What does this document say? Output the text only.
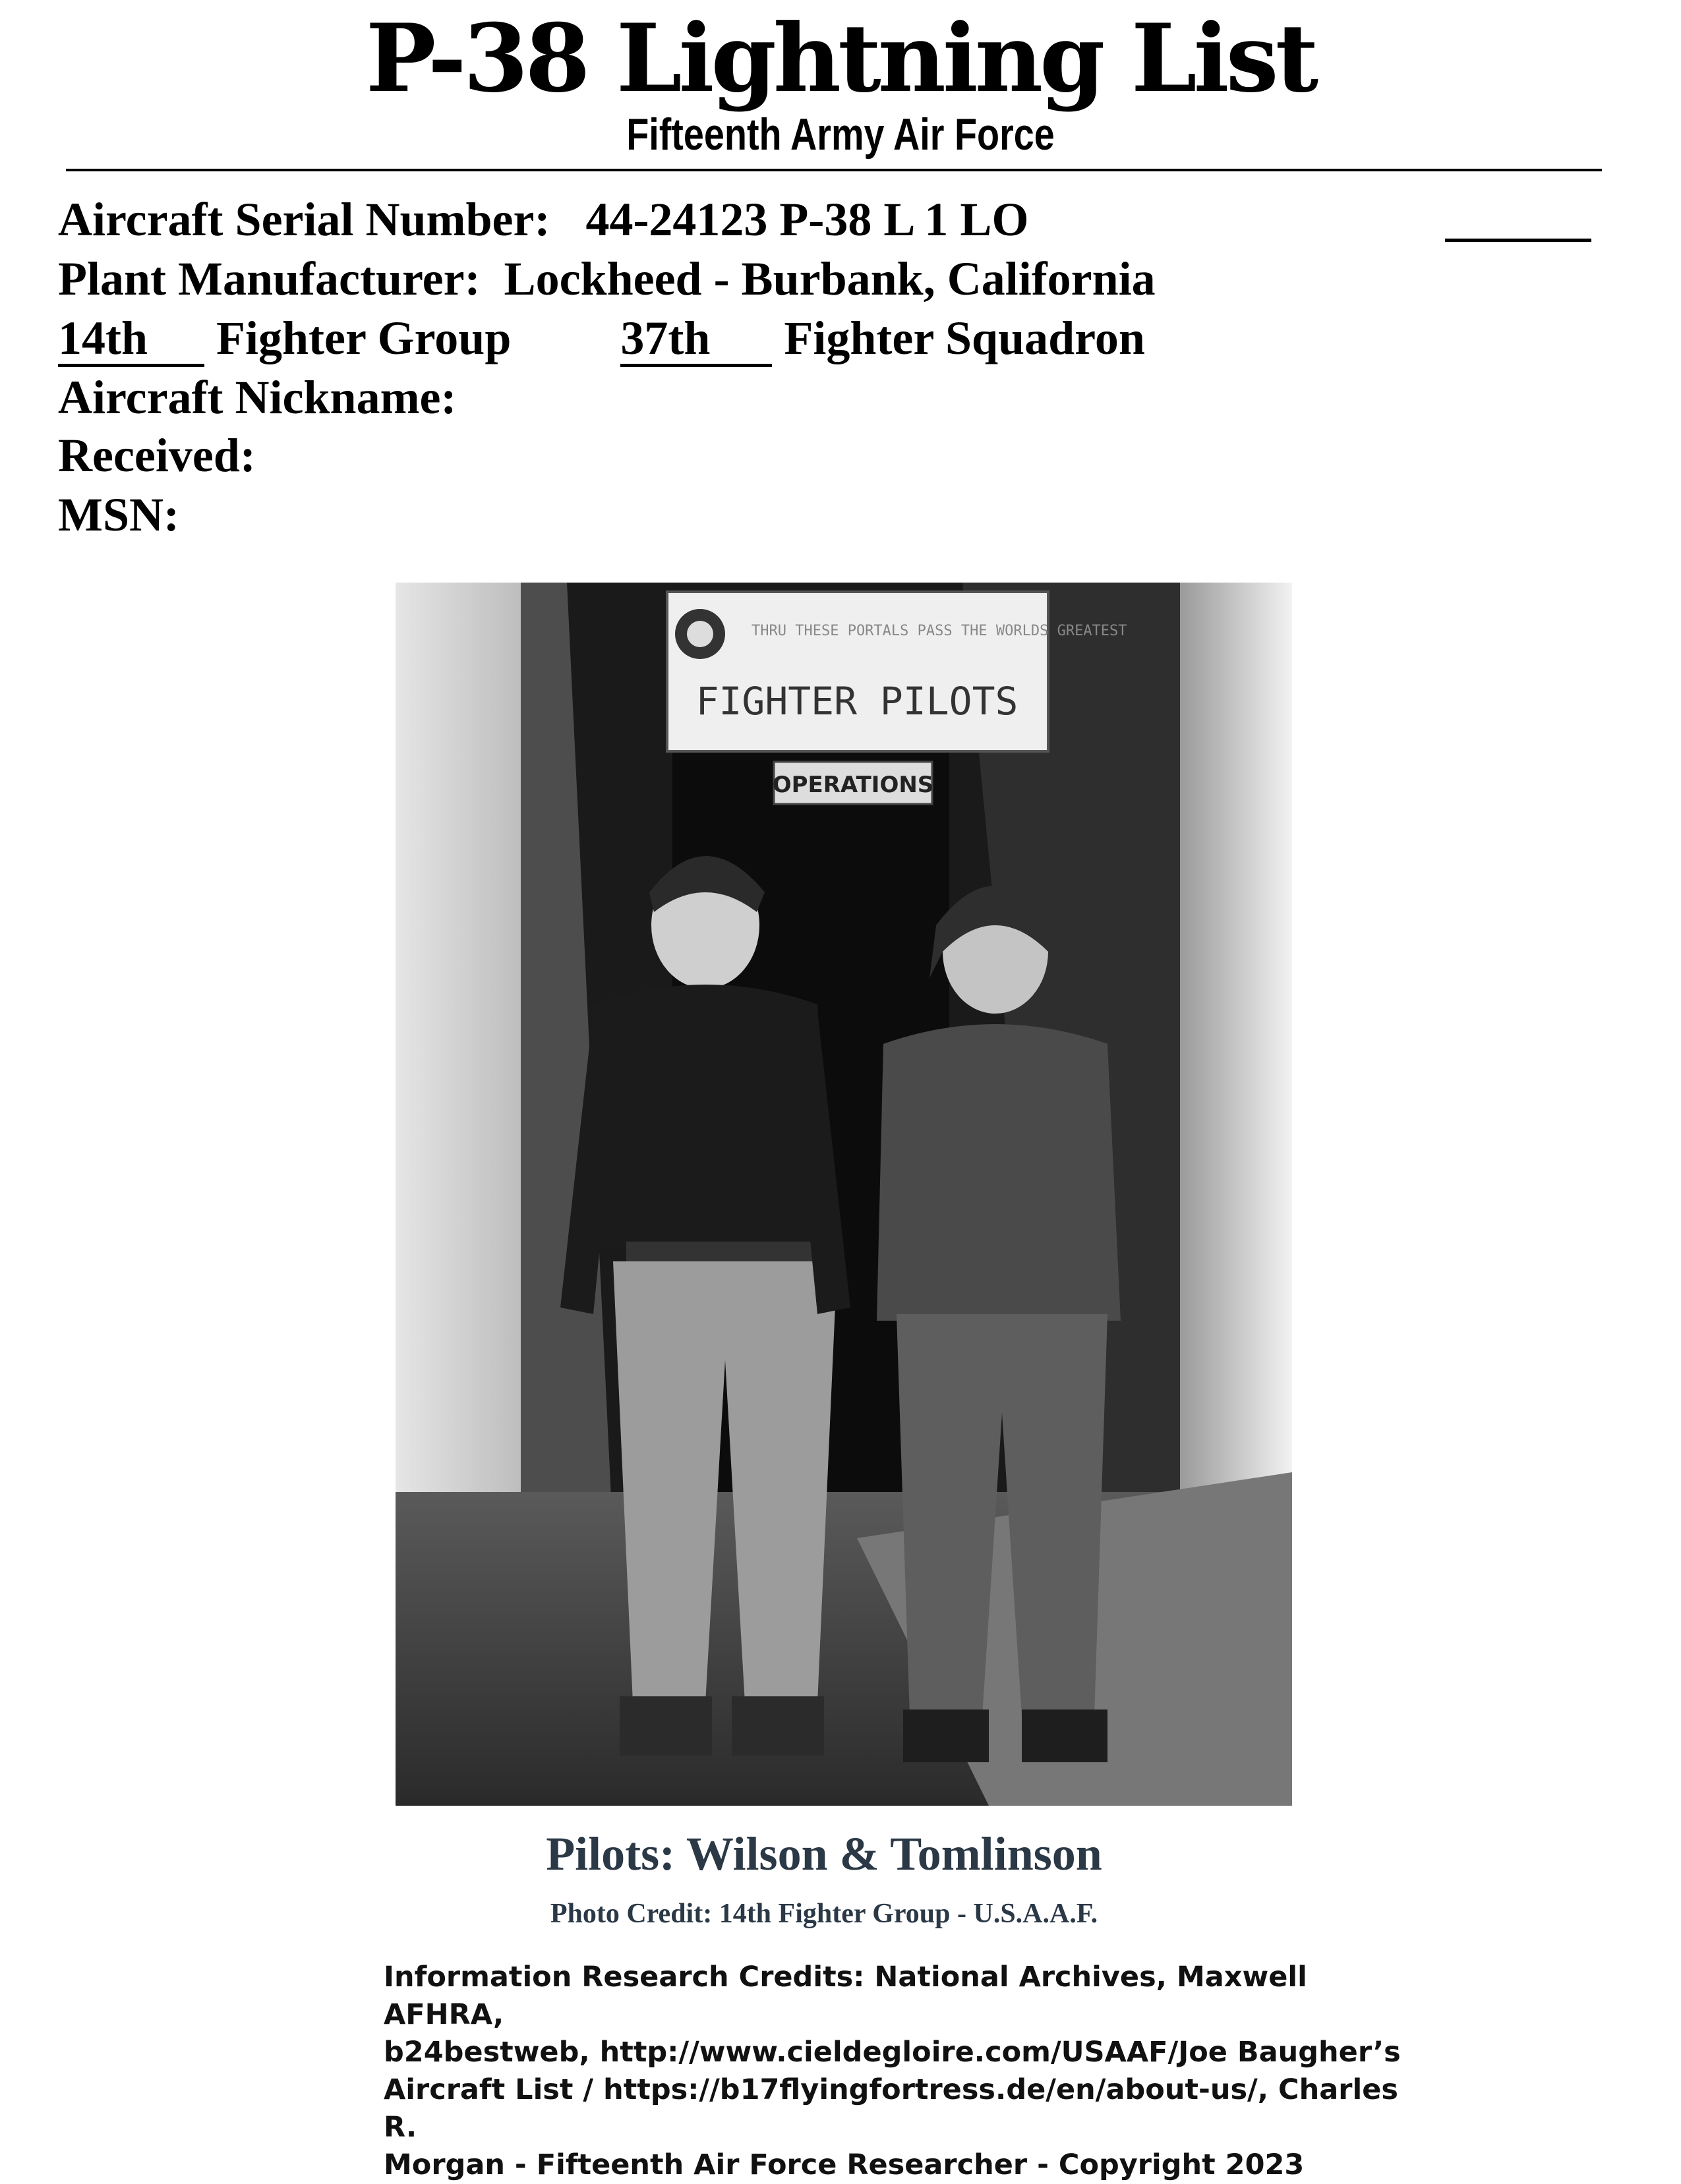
P-38 Lightning List
Fifteenth Army Air Force
Aircraft Serial Number: 44-24123 P-38 L 1 LO
Plant Manufacturer: Lockheed - Burbank, California
14th Fighter Group 37th Fighter Squadron
Aircraft Nickname:
Received:
MSN:
THRU THESE PORTALS PASS THE WORLDS GREATEST
FIGHTER PILOTS
OPERATIONS
Pilots: Wilson & Tomlinson
Photo Credit: 14th Fighter Group - U.S.A.A.F.
Information Research Credits: National Archives, Maxwell AFHRA,
b24bestweb, http://www.cieldegloire.com/USAAF/Joe Baugher’s
Aircraft List / https://b17flyingfortress.de/en/about-us/, Charles R.
Morgan - Fifteenth Air Force Researcher - Copyright 2023
